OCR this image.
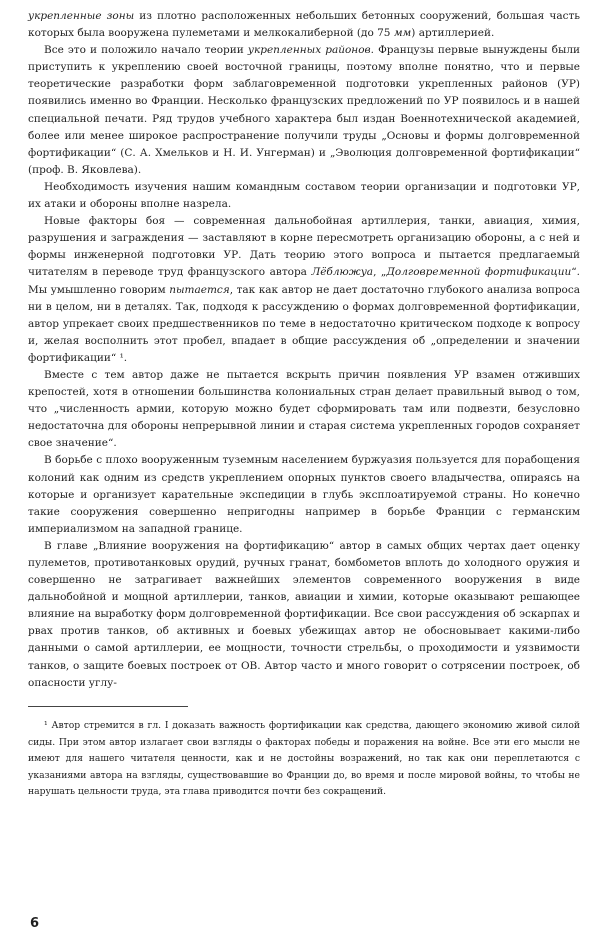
укрепленные зоны из плотно расположенных небольших бетонных сооружений, большая часть которых была вооружена пулеметами и мелкокалиберной (до 75 мм) артиллерией.

Все это и положило начало теории укрепленных районов. Французы первые вынуждены были приступить к укреплению своей восточной границы, поэтому вполне понятно, что и первые теоретические разработки форм заблаговременной подготовки укрепленных районов (УР) появились именно во Франции. Несколько французских предложений по УР появилось и в нашей специальной печати. Ряд трудов учебного характера был издан Военнотехнической академией, более или менее широкое распространение получили труды „Основы и формы долговременной фортификации“ (С. А. Хмельков и Н. И. Унгерман) и „Эволюция долговременной фортификации“ (проф. В. Яковлева).

Необходимость изучения нашим командным составом теории организации и подготовки УР, их атаки и обороны вполне назрела.

Новые факторы боя — современная дальнобойная артиллерия, танки, авиация, химия, разрушения и заграждения — заставляют в корне пересмотреть организацию обороны, а с ней и формы инженерной подготовки УР. Дать теорию этого вопроса и пытается предлагаемый читателям в переводе труд французского автора Лёблюжуа, „Долговременной фортификации“. Мы умышленно говорим пытается, так как автор не дает достаточно глубокого анализа вопроса ни в целом, ни в деталях. Так, подходя к рассуждению о формах долговременной фортификации, автор упрекает своих предшественников по теме в недостаточно критическом подходе к вопросу и, желая восполнить этот пробел, впадает в общие рассуждения об „определении и значении фортификации“ ¹.

Вместе с тем автор даже не пытается вскрыть причин появления УР взамен отживших крепостей, хотя в отношении большинства колониальных стран делает правильный вывод о том, что „численность армии, которую можно будет сформировать там или подвезти, безусловно недостаточна для обороны непрерывной линии и старая система укрепленных городов сохраняет свое значение“.

В борьбе с плохо вооруженным туземным населением буржуазия пользуется для порабощения колоний как одним из средств укреплением опорных пунктов своего владычества, опираясь на которые и организует карательные экспедиции в глубь эксплоатируемой страны. Но конечно такие сооружения совершенно непригодны например в борьбе Франции с германским империализмом на западной границе.

В главе „Влияние вооружения на фортификацию“ автор в самых общих чертах дает оценку пулеметов, противотанковых орудий, ручных гранат, бомбометов вплоть до холодного оружия и совершенно не затрагивает важнейших элементов современного вооружения в виде дальнобойной и мощной артиллерии, танков, авиации и химии, которые оказывают решающее влияние на выработку форм долговременной фортификации. Все свои рассуждения об эскарпах и рвах против танков, об активных и боевых убежищах автор не обосновывает какими-либо данными о самой артиллерии, ее мощности, точности стрельбы, о проходимости и уязвимости танков, о защите боевых построек от ОВ. Автор часто и много говорит о сотрясении построек, об опасности углу-

¹ Автор стремится в гл. I доказать важность фортификации как средства, дающего экономию живой силой сиды. При этом автор излагает свои взгляды о факторах победы и поражения на войне. Все эти его мысли не имеют для нашего читателя ценности, как и не достойны возражений, но так как они переплетаются с указаниями автора на взгляды, существовавшие во Франции до, во время и после мировой войны, то чтобы не нарушать цельности труда, эта глава приводится почти без сокращений.

6
